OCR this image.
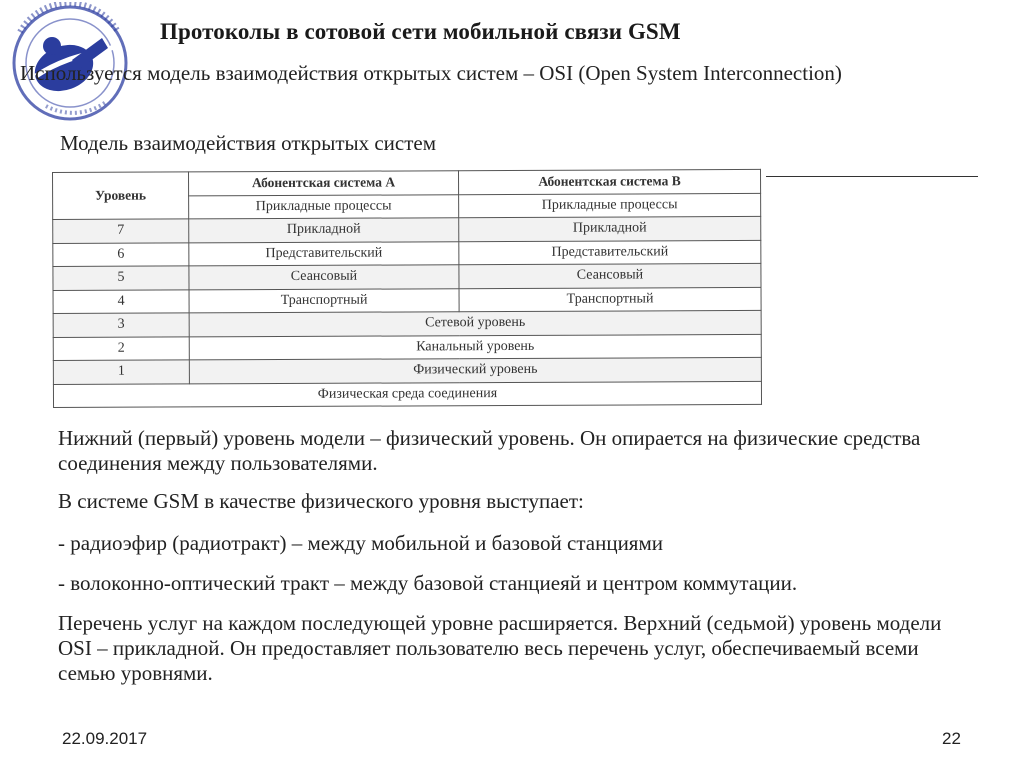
Протоколы в сотовой сети мобильной связи GSM
Используется модель взаимодействия открытых систем – OSI (Open System Interconnection)
Модель взаимодействия открытых систем
Уровень	Абонентская система А	Абонентская система В
	Прикладные процессы	Прикладные процессы
7	Прикладной	Прикладной
6	Представительский	Представительский
5	Сеансовый	Сеансовый
4	Транспортный	Транспортный
3	Сетевой уровень	
2	Канальный уровень	
1	Физический уровень	
Физическая среда соединения		
Нижний (первый) уровень модели – физический уровень. Он опирается на физические средства соединения между пользователями.
В системе GSM в качестве физического уровня выступает:
- радиоэфир (радиотракт) – между мобильной и базовой станциями
- волоконно-оптический тракт – между базовой станциеяй и центром коммутации.
Перечень услуг на каждом последующей уровне расширяется. Верхний (седьмой) уровень модели OSI – прикладной. Он предоставляет пользователю весь перечень услуг, обеспечиваемый всеми семью уровнями.
22.09.2017	22
